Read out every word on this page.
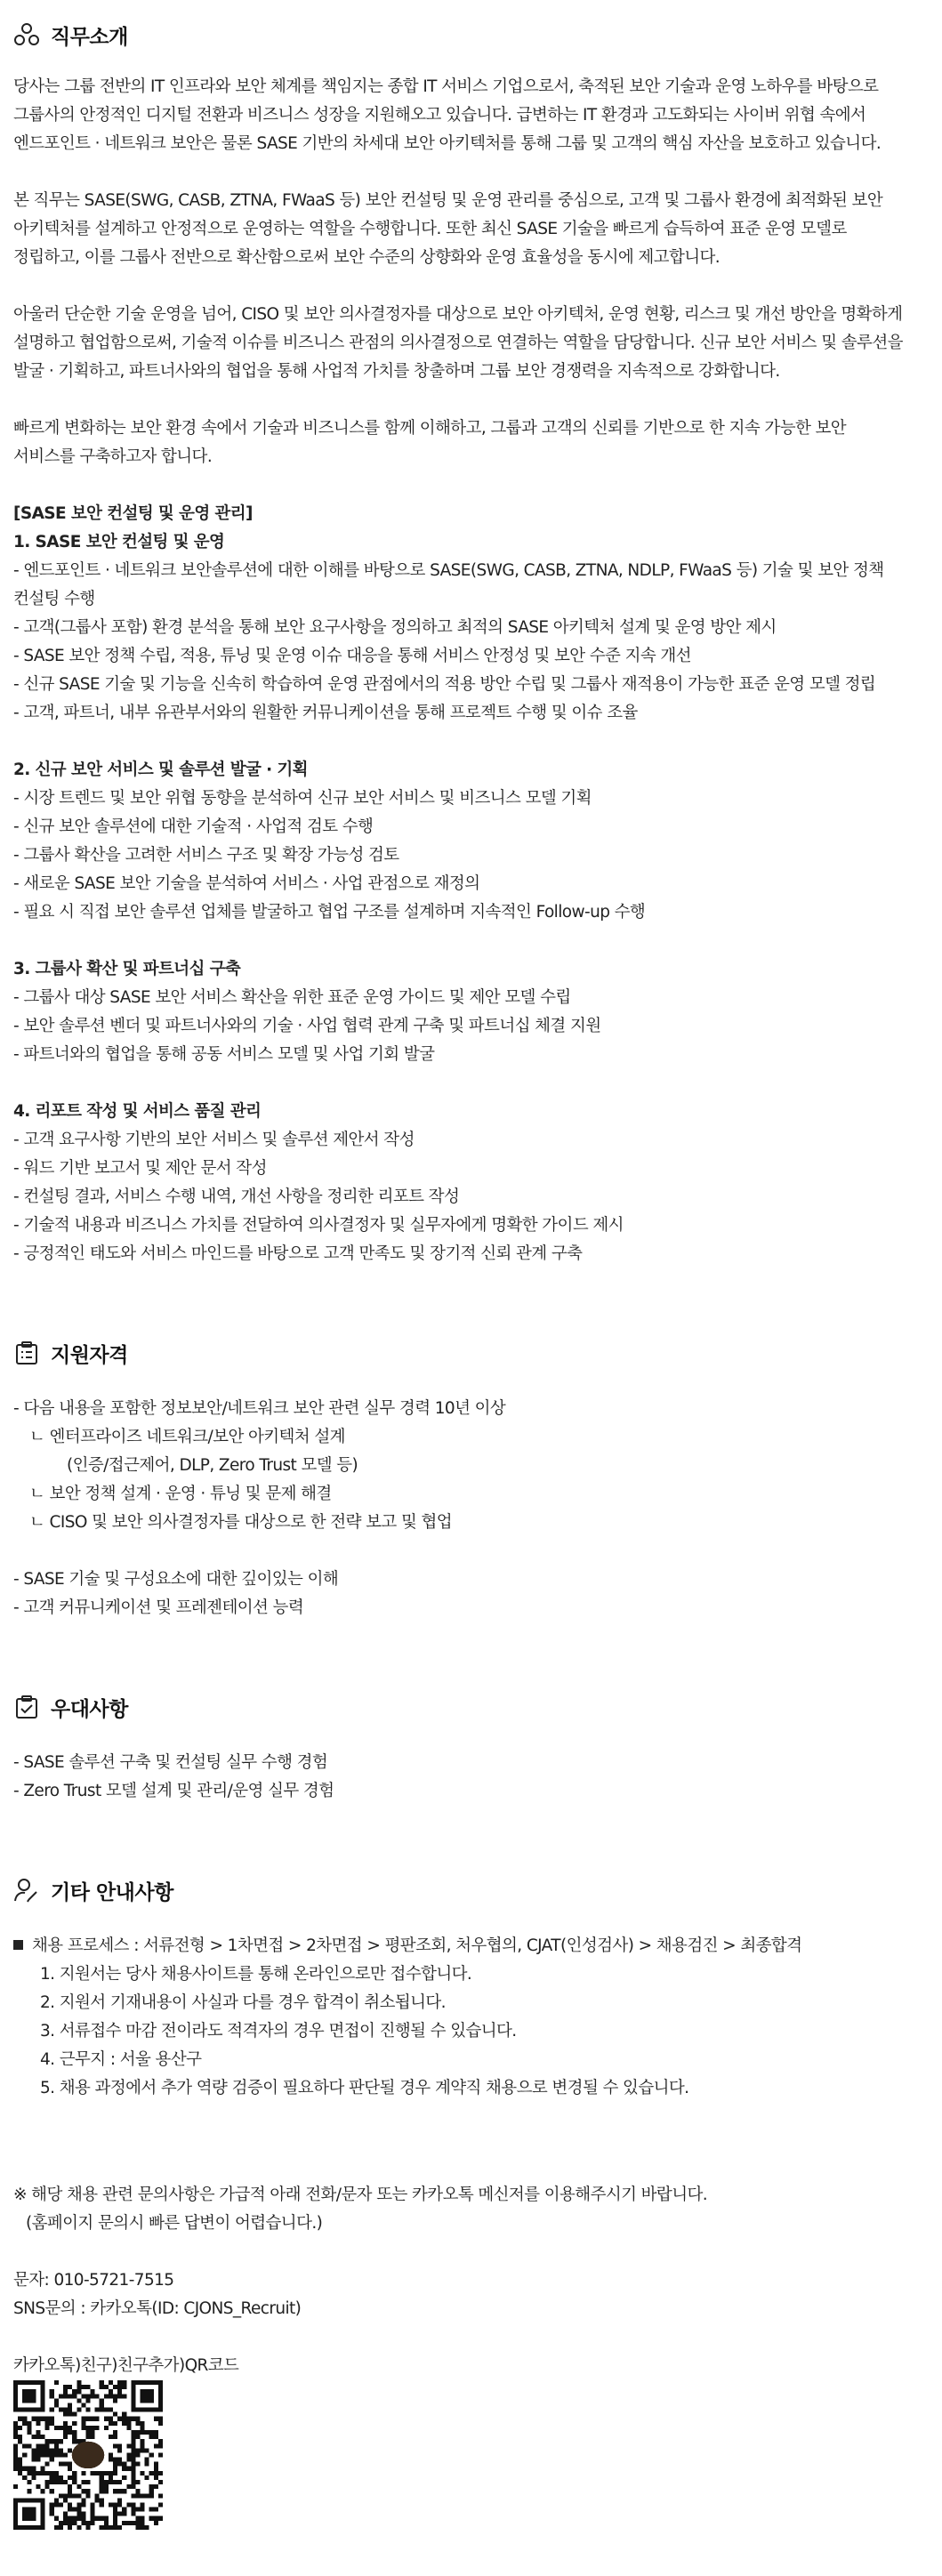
직무소개
당사는 그룹 전반의 IT 인프라와 보안 체계를 책임지는 종합 IT 서비스 기업으로서, 축적된 보안 기술과 운영 노하우를 바탕으로
그룹사의 안정적인 디지털 전환과 비즈니스 성장을 지원해오고 있습니다. 급변하는 IT 환경과 고도화되는 사이버 위협 속에서
엔드포인트 · 네트워크 보안은 물론 SASE 기반의 차세대 보안 아키텍처를 통해 그룹 및 고객의 핵심 자산을 보호하고 있습니다.
본 직무는 SASE(SWG, CASB, ZTNA, FWaaS 등) 보안 컨설팅 및 운영 관리를 중심으로, 고객 및 그룹사 환경에 최적화된 보안
아키텍처를 설계하고 안정적으로 운영하는 역할을 수행합니다. 또한 최신 SASE 기술을 빠르게 습득하여 표준 운영 모델로
정립하고, 이를 그룹사 전반으로 확산함으로써 보안 수준의 상향화와 운영 효율성을 동시에 제고합니다.
아울러 단순한 기술 운영을 넘어, CISO 및 보안 의사결정자를 대상으로 보안 아키텍처, 운영 현황, 리스크 및 개선 방안을 명확하게
설명하고 협업함으로써, 기술적 이슈를 비즈니스 관점의 의사결정으로 연결하는 역할을 담당합니다. 신규 보안 서비스 및 솔루션을
발굴 · 기획하고, 파트너사와의 협업을 통해 사업적 가치를 창출하며 그룹 보안 경쟁력을 지속적으로 강화합니다.
빠르게 변화하는 보안 환경 속에서 기술과 비즈니스를 함께 이해하고, 그룹과 고객의 신뢰를 기반으로 한 지속 가능한 보안
서비스를 구축하고자 합니다.
[SASE 보안 컨설팅 및 운영 관리]
1. SASE 보안 컨설팅 및 운영
- 엔드포인트 · 네트워크 보안솔루션에 대한 이해를 바탕으로 SASE(SWG, CASB, ZTNA, NDLP, FWaaS 등) 기술 및 보안 정책
컨설팅 수행
- 고객(그룹사 포함) 환경 분석을 통해 보안 요구사항을 정의하고 최적의 SASE 아키텍처 설계 및 운영 방안 제시
- SASE 보안 정책 수립, 적용, 튜닝 및 운영 이슈 대응을 통해 서비스 안정성 및 보안 수준 지속 개선
- 신규 SASE 기술 및 기능을 신속히 학습하여 운영 관점에서의 적용 방안 수립 및 그룹사 재적용이 가능한 표준 운영 모델 정립
- 고객, 파트너, 내부 유관부서와의 원활한 커뮤니케이션을 통해 프로젝트 수행 및 이슈 조율
2. 신규 보안 서비스 및 솔루션 발굴 · 기획
- 시장 트렌드 및 보안 위협 동향을 분석하여 신규 보안 서비스 및 비즈니스 모델 기획
- 신규 보안 솔루션에 대한 기술적 · 사업적 검토 수행
- 그룹사 확산을 고려한 서비스 구조 및 확장 가능성 검토
- 새로운 SASE 보안 기술을 분석하여 서비스 · 사업 관점으로 재정의
- 필요 시 직접 보안 솔루션 업체를 발굴하고 협업 구조를 설계하며 지속적인 Follow-up 수행
3. 그룹사 확산 및 파트너십 구축
- 그룹사 대상 SASE 보안 서비스 확산을 위한 표준 운영 가이드 및 제안 모델 수립
- 보안 솔루션 벤더 및 파트너사와의 기술 · 사업 협력 관계 구축 및 파트너십 체결 지원
- 파트너와의 협업을 통해 공동 서비스 모델 및 사업 기회 발굴
4. 리포트 작성 및 서비스 품질 관리
- 고객 요구사항 기반의 보안 서비스 및 솔루션 제안서 작성
- 워드 기반 보고서 및 제안 문서 작성
- 컨설팅 결과, 서비스 수행 내역, 개선 사항을 정리한 리포트 작성
- 기술적 내용과 비즈니스 가치를 전달하여 의사결정자 및 실무자에게 명확한 가이드 제시
- 긍정적인 태도와 서비스 마인드를 바탕으로 고객 만족도 및 장기적 신뢰 관계 구축
지원자격
- 다음 내용을 포함한 정보보안/네트워크 보안 관련 실무 경력 10년 이상
ㄴ 엔터프라이즈 네트워크/보안 아키텍처 설계
(인증/접근제어, DLP, Zero Trust 모델 등)
ㄴ 보안 정책 설계 · 운영 · 튜닝 및 문제 해결
ㄴ CISO 및 보안 의사결정자를 대상으로 한 전략 보고 및 협업
- SASE 기술 및 구성요소에 대한 깊이있는 이해
- 고객 커뮤니케이션 및 프레젠테이션 능력
우대사항
- SASE 솔루션 구축 및 컨설팅 실무 수행 경험
- Zero Trust 모델 설계 및 관리/운영 실무 경험
기타 안내사항
채용 프로세스 : 서류전형 > 1차면접 > 2차면접 > 평판조회, 처우협의, CJAT(인성검사) > 채용검진 > 최종합격
1. 지원서는 당사 채용사이트를 통해 온라인으로만 접수합니다.
2. 지원서 기재내용이 사실과 다를 경우 합격이 취소됩니다.
3. 서류접수 마감 전이라도 적격자의 경우 면접이 진행될 수 있습니다.
4. 근무지 : 서울 용산구
5. 채용 과정에서 추가 역량 검증이 필요하다 판단될 경우 계약직 채용으로 변경될 수 있습니다.
※ 해당 채용 관련 문의사항은 가급적 아래 전화/문자 또는 카카오톡 메신저를 이용해주시기 바랍니다.
(홈페이지 문의시 빠른 답변이 어렵습니다.)
문자: 010-5721-7515
SNS문의 : 카카오톡(ID: CJONS_Recruit)
카카오톡)친구)친구추가)QR코드
